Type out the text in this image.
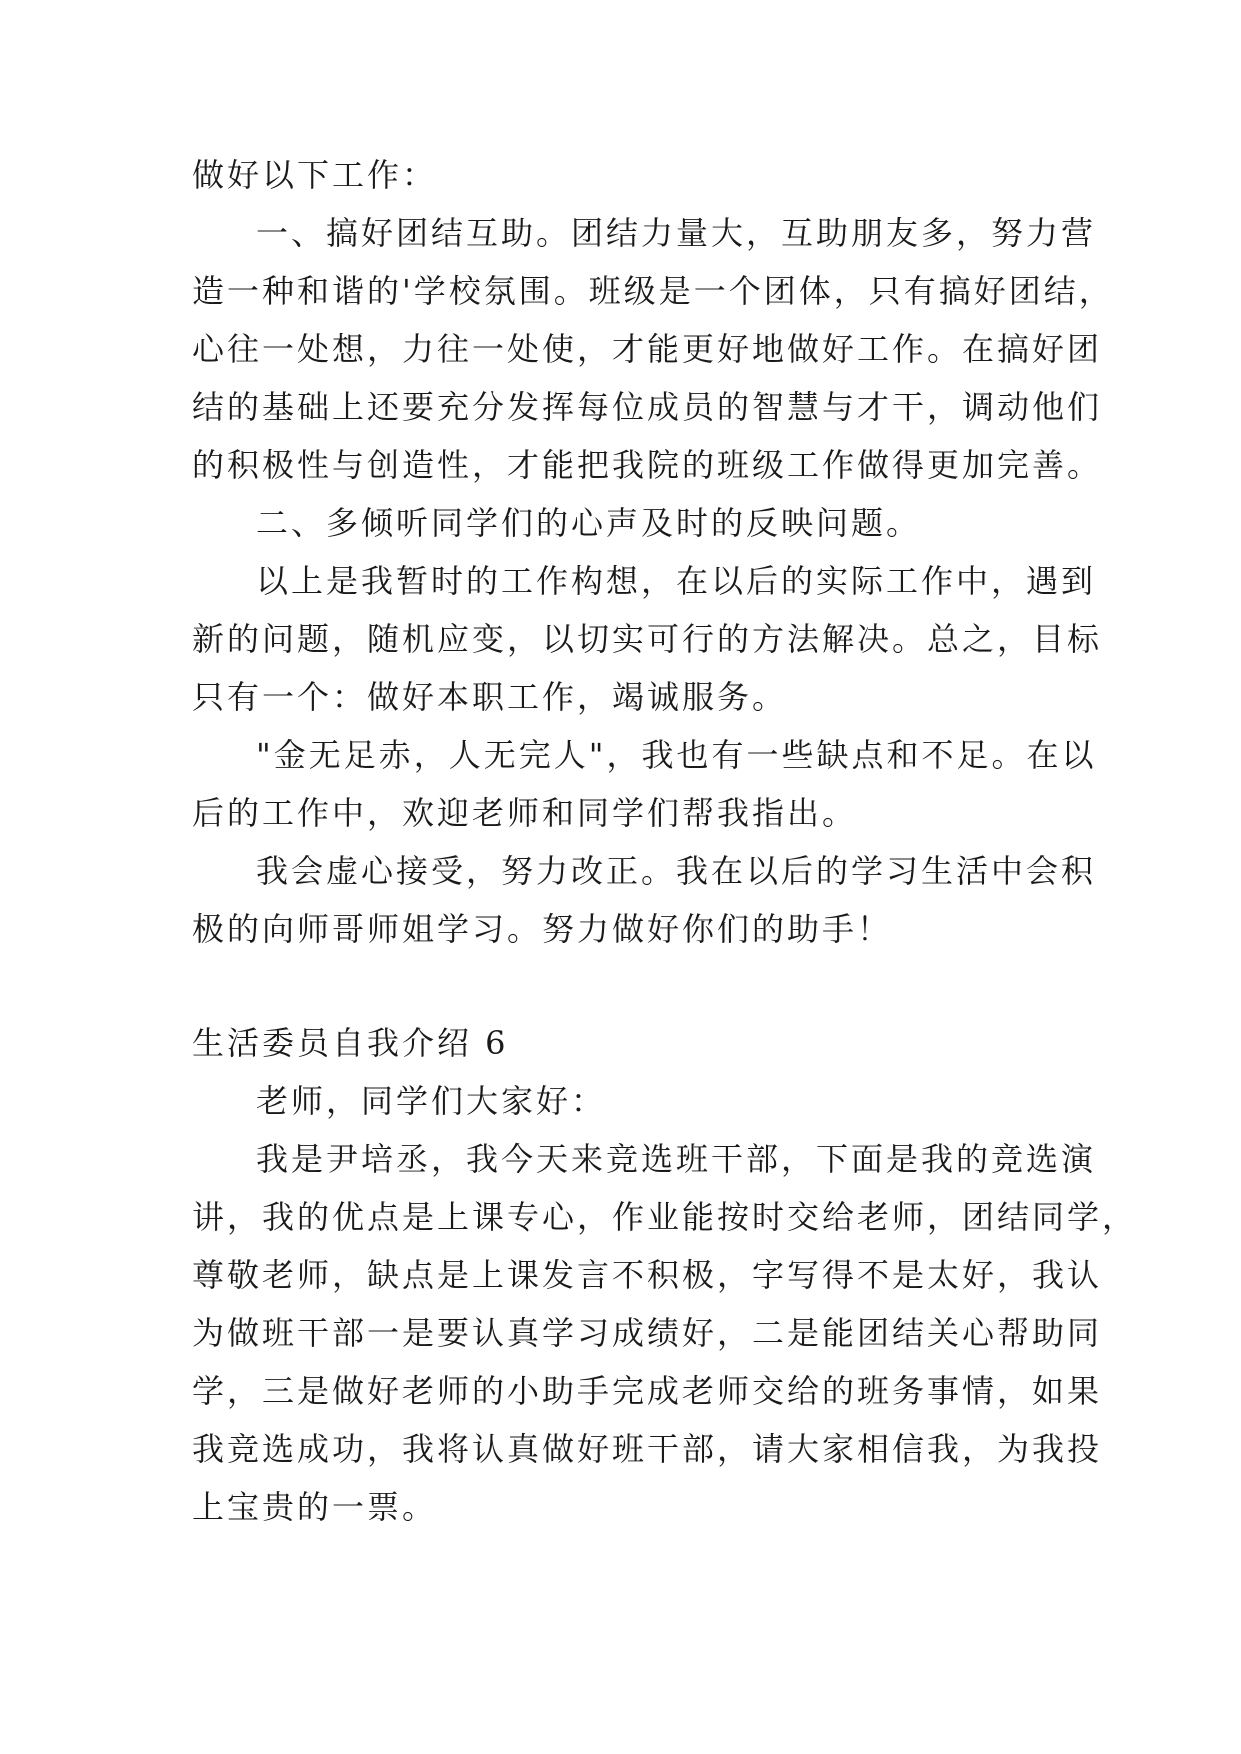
做好以下工作：

一、搞好团结互助。团结力量大，互助朋友多，努力营
造一种和谐的'学校氛围。班级是一个团体，只有搞好团结，
心往一处想，力往一处使，才能更好地做好工作。在搞好团
结的基础上还要充分发挥每位成员的智慧与才干，调动他们
的积极性与创造性，才能把我院的班级工作做得更加完善。

二、多倾听同学们的心声及时的反映问题。

以上是我暂时的工作构想，在以后的实际工作中，遇到
新的问题，随机应变，以切实可行的方法解决。总之，目标
只有一个：做好本职工作，竭诚服务。

"金无足赤，人无完人"，我也有一些缺点和不足。在以
后的工作中，欢迎老师和同学们帮我指出。

我会虚心接受，努力改正。我在以后的学习生活中会积
极的向师哥师姐学习。努力做好你们的助手！

生活委员自我介绍 6

老师，同学们大家好：

我是尹培丞，我今天来竞选班干部，下面是我的竞选演
讲，我的优点是上课专心，作业能按时交给老师，团结同学，
尊敬老师，缺点是上课发言不积极，字写得不是太好，我认
为做班干部一是要认真学习成绩好，二是能团结关心帮助同
学，三是做好老师的小助手完成老师交给的班务事情，如果
我竞选成功，我将认真做好班干部，请大家相信我，为我投
上宝贵的一票。
